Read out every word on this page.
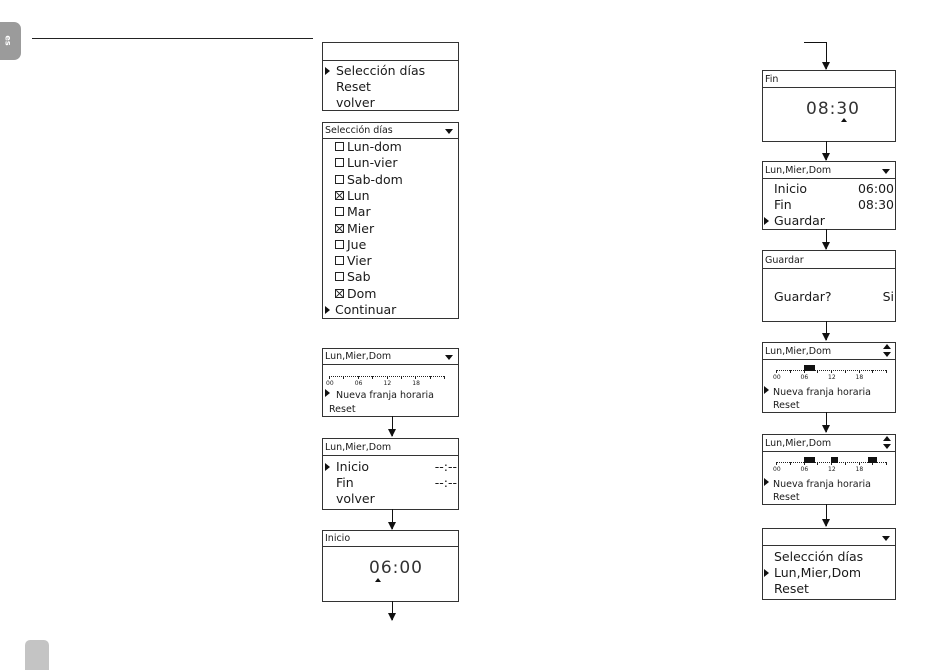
es
Selección días
Reset
volver
Selección días
Lun-dom
Lun-vier
Sab-dom
Lun
Mar
Mier
Jue
Vier
Sab
Dom
Continuar
Lun,Mier,Dom
00	06	12	18
Nueva franja horaria
Reset
Lun,Mier,Dom
Inicio	--:--
Fin	--:--
volver
Inicio
06:00
Fin
08:30
Lun,Mier,Dom
Inicio	06:00
Fin	08:30
Guardar
Guardar
Guardar?	Si
Lun,Mier,Dom
00	06	12	18
Nueva franja horaria
Reset
Lun,Mier,Dom
00	06	12	18
Nueva franja horaria
Reset
Selección días
Lun,Mier,Dom
Reset
